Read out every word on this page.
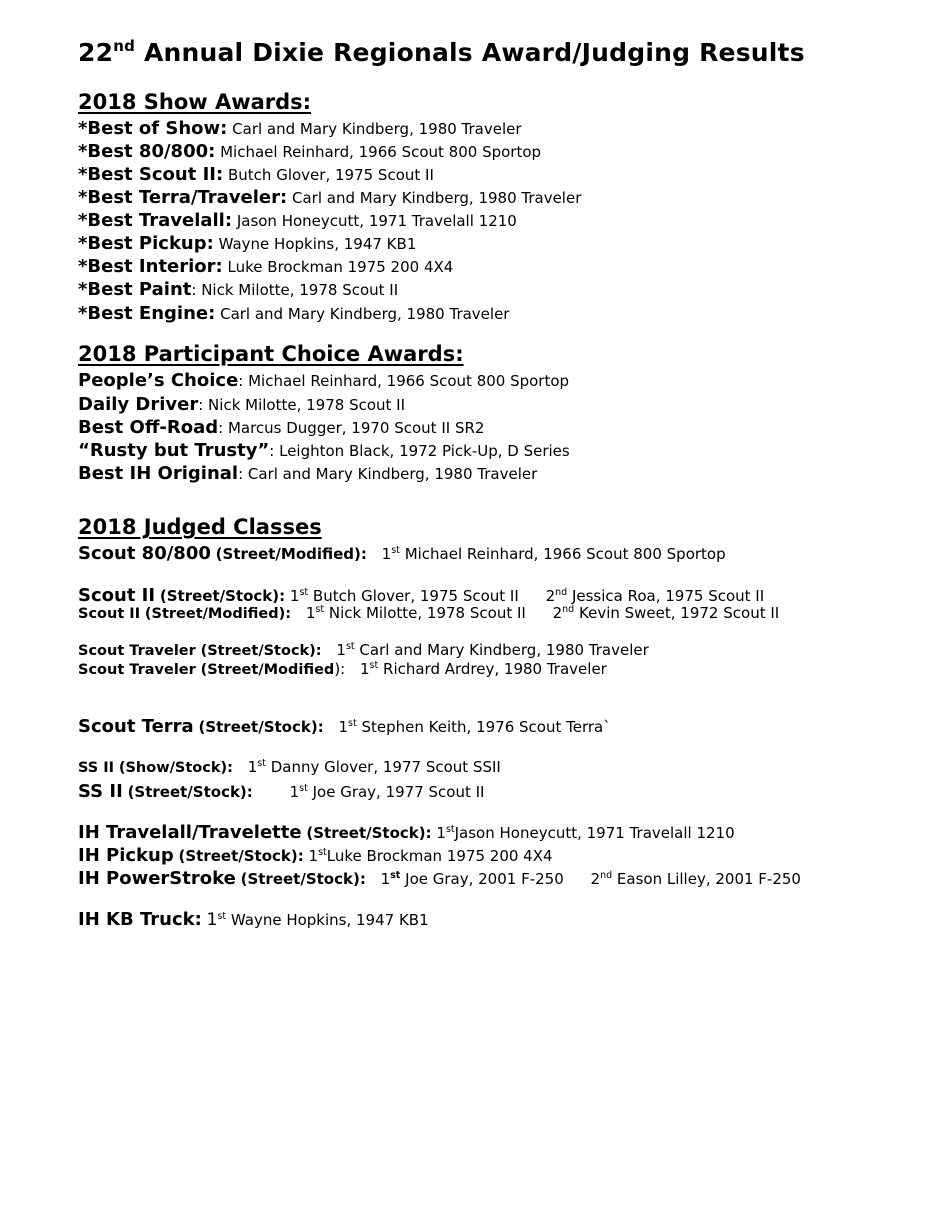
22nd Annual Dixie Regionals Award/Judging Results
2018 Show Awards:
*Best of Show: Carl and Mary Kindberg, 1980 Traveler
*Best 80/800: Michael Reinhard, 1966 Scout 800 Sportop
*Best Scout II: Butch Glover, 1975 Scout II
*Best Terra/Traveler: Carl and Mary Kindberg, 1980 Traveler
*Best Travelall: Jason Honeycutt, 1971 Travelall 1210
*Best Pickup: Wayne Hopkins, 1947 KB1
*Best Interior: Luke Brockman 1975 200 4X4
*Best Paint: Nick Milotte, 1978 Scout II
*Best Engine: Carl and Mary Kindberg, 1980 Traveler
2018 Participant Choice Awards:
People’s Choice: Michael Reinhard, 1966 Scout 800 Sportop
Daily Driver: Nick Milotte, 1978 Scout II
Best Off-Road: Marcus Dugger, 1970 Scout II SR2
“Rusty but Trusty”: Leighton Black, 1972 Pick-Up, D Series
Best IH Original: Carl and Mary Kindberg, 1980 Traveler
2018 Judged Classes
Scout 80/800 (Street/Modified): 1st Michael Reinhard, 1966 Scout 800 Sportop
Scout II (Street/Stock): 1st Butch Glover, 1975 Scout II 2nd Jessica Roa, 1975 Scout II
Scout II (Street/Modified): 1st Nick Milotte, 1978 Scout II 2nd Kevin Sweet, 1972 Scout II
Scout Traveler (Street/Stock): 1st Carl and Mary Kindberg, 1980 Traveler
Scout Traveler (Street/Modified): 1st Richard Ardrey, 1980 Traveler
Scout Terra (Street/Stock): 1st Stephen Keith, 1976 Scout Terra`
SS II (Show/Stock): 1st Danny Glover, 1977 Scout SSII
SS II (Street/Stock): 1st Joe Gray, 1977 Scout II
IH Travelall/Travelette (Street/Stock): 1stJason Honeycutt, 1971 Travelall 1210
IH Pickup (Street/Stock): 1stLuke Brockman 1975 200 4X4
IH PowerStroke (Street/Stock): 1st Joe Gray, 2001 F-250 2nd Eason Lilley, 2001 F-250
IH KB Truck: 1st Wayne Hopkins, 1947 KB1
